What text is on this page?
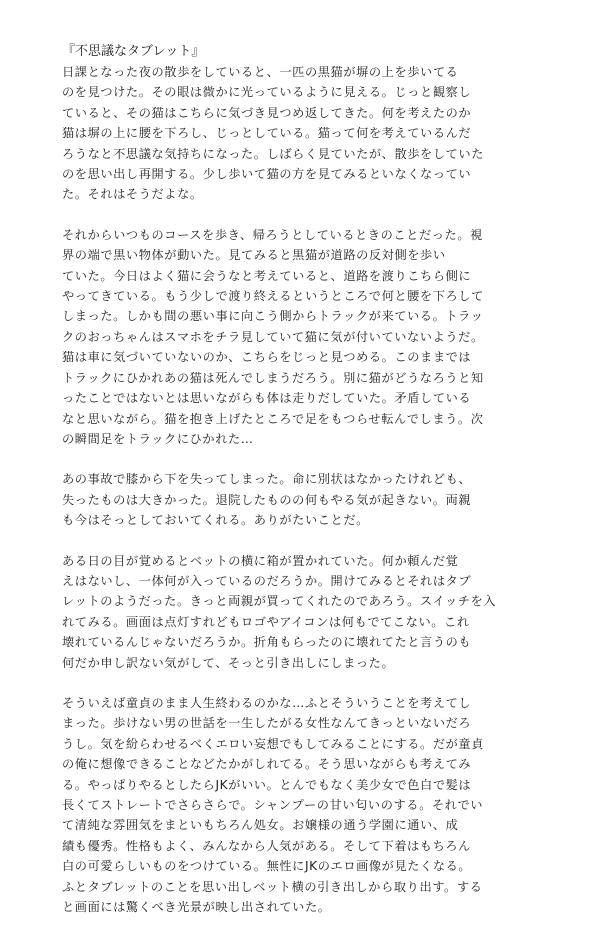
『不思議なタブレット』
日課となった夜の散歩をしていると、一匹の黒猫が塀の上を歩いてる
のを見つけた。その眼は微かに光っているように見える。じっと観察し
ていると、その猫はこちらに気づき見つめ返してきた。何を考えたのか
猫は塀の上に腰を下ろし、じっとしている。猫って何を考えているんだ
ろうなと不思議な気持ちになった。しばらく見ていたが、散歩をしていた
のを思い出し再開する。少し歩いて猫の方を見てみるといなくなってい
た。それはそうだよな。
それからいつものコースを歩き、帰ろうとしているときのことだった。視
界の端で黒い物体が動いた。見てみると黒猫が道路の反対側を歩い
ていた。今日はよく猫に会うなと考えていると、道路を渡りこちら側に
やってきている。もう少しで渡り終えるというところで何と腰を下ろして
しまった。しかも間の悪い事に向こう側からトラックが来ている。トラッ
クのおっちゃんはスマホをチラ見していて猫に気が付いていないようだ。
猫は車に気づいていないのか、こちらをじっと見つめる。このままでは
トラックにひかれあの猫は死んでしまうだろう。別に猫がどうなろうと知
ったことではないとは思いながらも体は走りだしていた。矛盾している
なと思いながら。猫を抱き上げたところで足をもつらせ転んでしまう。次
の瞬間足をトラックにひかれた…
あの事故で膝から下を失ってしまった。命に別状はなかったけれども、
失ったものは大きかった。退院したものの何もやる気が起きない。両親
も今はそっとしておいてくれる。ありがたいことだ。
ある日の目が覚めるとベットの横に箱が置かれていた。何か頼んだ覚
えはないし、一体何が入っているのだろうか。開けてみるとそれはタブ
レットのようだった。きっと両親が買ってくれたのであろう。スイッチを入
れてみる。画面は点灯すれどもロゴやアイコンは何もでてこない。これ
壊れているんじゃないだろうか。折角もらったのに壊れてたと言うのも
何だか申し訳ない気がして、そっと引き出しにしまった。
そういえば童貞のまま人生終わるのかな…ふとそういうことを考えてし
まった。歩けない男の世話を一生したがる女性なんてきっといないだろ
うし。気を紛らわせるべくエロい妄想でもしてみることにする。だが童貞
の俺に想像できることなどたかがしれてる。そう思いながらも考えてみ
る。やっぱりやるとしたらJKがいい。とんでもなく美少女で色白で髪は
長くてストレートでさらさらで。シャンプーの甘い匂いのする。それでい
て清純な雰囲気をまといもちろん処女。お嬢様の通う学園に通い、成
績も優秀。性格もよく、みんなから人気がある。そして下着はもちろん
白の可愛らしいものをつけている。無性にJKのエロ画像が見たくなる。
ふとタブレットのことを思い出しベット横の引き出しから取り出す。する
と画面には驚くべき光景が映し出されていた。
